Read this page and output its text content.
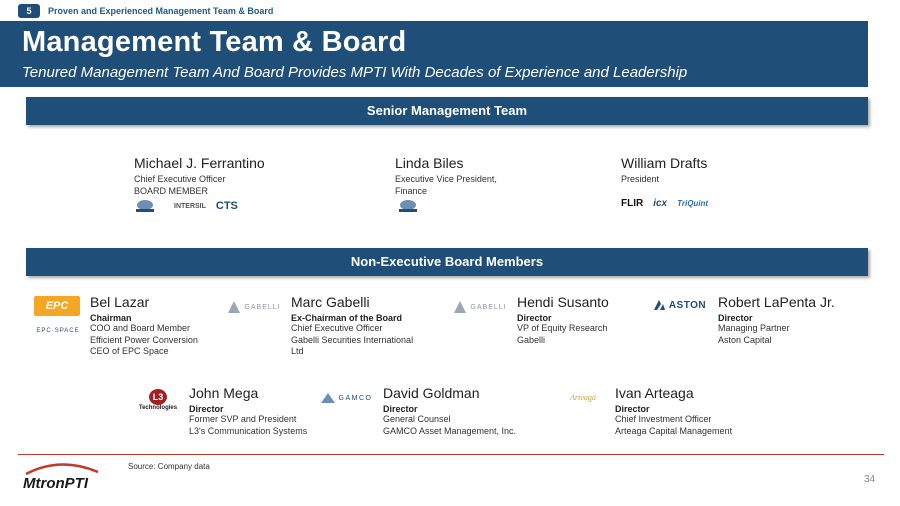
5	Proven and Experienced Management Team & Board
Management Team & Board
Tenured Management Team And Board Provides MPTI With Decades of Experience and Leadership
Senior Management Team
Michael J. Ferrantino
Chief Executive Officer
BOARD MEMBER
INTERSIL CTS
Linda Biles
Executive Vice President,
Finance
William Drafts
President
FLIR icx TriQuint
Non-Executive Board Members
EPC
EPC·SPACE
Bel Lazar
Chairman
COO and Board Member
Efficient Power Conversion
CEO of EPC Space
GABELLI Marc Gabelli
Ex-Chairman of the Board
Chief Executive Officer
Gabelli Securities International
Ltd
GABELLI Hendi Susanto
Director
VP of Equity Research
Gabelli
ASTON Robert LaPenta Jr.
Director
Managing Partner
Aston Capital
L3
Technologies
John Mega
Director
Former SVP and President
L3's Communication Systems
GAMCO David Goldman
Director
General Counsel
GAMCO Asset Management, Inc.
Arteaga Ivan Arteaga
Director
Chief Investment Officer
Arteaga Capital Management
Source: Company data
34
MtronPTI
